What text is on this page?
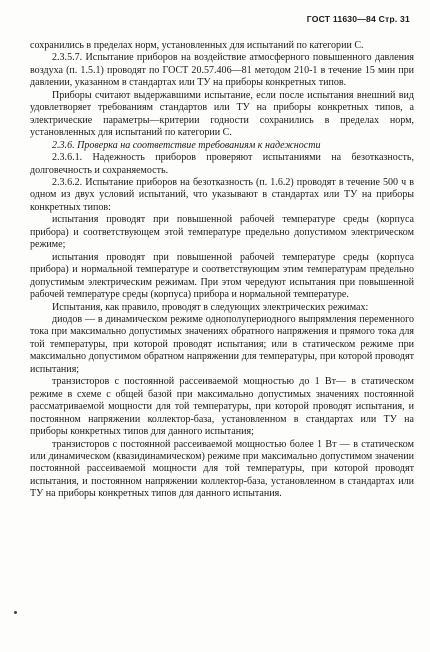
ГОСТ 11630—84 Стр. 31

сохранились в пределах норм, установленных для испытаний по категории С.

2.3.5.7. Испытание приборов на воздействие атмосферного повышенного давления воздуха (п. 1.5.1) проводят по ГОСТ 20.57.406—81 методом 210-1 в течение 15 мин при давлении, указанном в стандартах или ТУ на приборы конкретных типов.

Приборы считают выдержавшими испытание, если после испытания внешний вид удовлетворяет требованиям стандартов или ТУ на приборы конкретных типов, а электрические параметры—критерии годности сохранились в пределах норм, установленных для испытаний по категории С.

2.3.6. Проверка на соответствие требованиям к надежности

2.3.6.1. Надежность приборов проверяют испытаниями на безотказность, долговечность и сохраняемость.

2.3.6.2. Испытание приборов на безотказность (п. 1.6.2) проводят в течение 500 ч в одном из двух условий испытаний, что указывают в стандартах или ТУ на приборы конкретных типов:

испытания проводят при повышенной рабочей температуре среды (корпуса прибора) и соответствующем этой температуре предельно допустимом электрическом режиме;

испытания проводят при повышенной рабочей температуре среды (корпуса прибора) и нормальной температуре и соответствующим этим температурам предельно допустимым электрическим режимам. При этом чередуют испытания при повышенной рабочей температуре среды (корпуса) прибора и нормальной температуре.

Испытания, как правило, проводят в следующих электрических режимах:

диодов — в динамическом режиме однополупериодного выпрямления переменного тока при максимально допустимых значениях обратного напряжения и прямого тока для той температуры, при которой проводят испытания; или в статическом режиме при максимально допустимом обратном напряжении для температуры, при которой проводят испытания;

транзисторов с постоянной рассеиваемой мощностью до 1 Вт— в статическом режиме в схеме с общей базой при максимально допустимых значениях постоянной рассматриваемой мощности для той температуры, при которой проводят испытания, и постоянном напряжении коллектор-база, установленном в стандартах или ТУ на приборы конкретных типов для данного испытания;

транзисторов с постоянной рассеиваемой мощностью более 1 Вт — в статическом или динамическом (квазидинамическом) режиме при максимально допустимом значении постоянной рассеиваемой мощности для той температуры, при которой проводят испытания, и постоянном напряжении коллектор-база, установленном в стандартах или ТУ на приборы конкретных типов для данного испытания.
